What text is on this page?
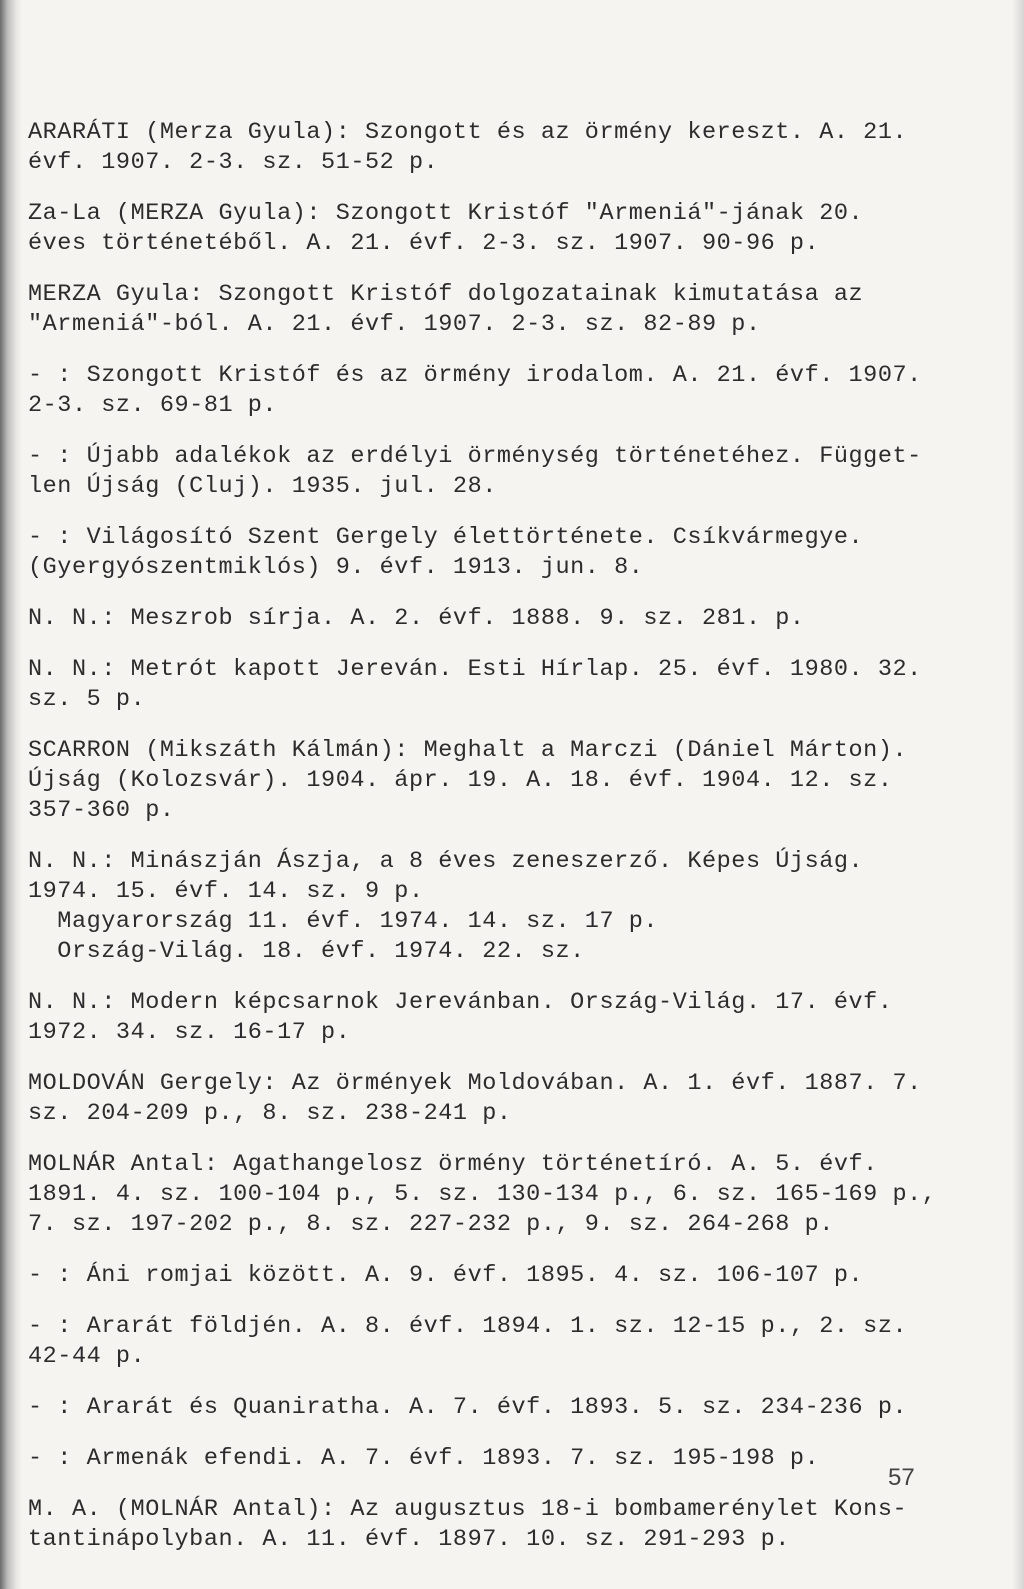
ARARÁTI (Merza Gyula): Szongott és az örmény kereszt. A. 21.
évf. 1907. 2-3. sz. 51-52 p.
Za-La (MERZA Gyula): Szongott Kristóf "Armeniá"-jának 20.
éves történetéből. A. 21. évf. 2-3. sz. 1907. 90-96 p.
MERZA Gyula: Szongott Kristóf dolgozatainak kimutatása az
"Armeniá"-ból. A. 21. évf. 1907. 2-3. sz. 82-89 p.
- : Szongott Kristóf és az örmény irodalom. A. 21. évf. 1907.
2-3. sz. 69-81 p.
- : Újabb adalékok az erdélyi örménység történetéhez. Függet-
len Újság (Cluj). 1935. jul. 28.
- : Világosító Szent Gergely élettörténete. Csíkvármegye.
(Gyergyószentmiklós) 9. évf. 1913. jun. 8.
N. N.: Meszrob sírja. A. 2. évf. 1888. 9. sz. 281. p.
N. N.: Metrót kapott Jereván. Esti Hírlap. 25. évf. 1980. 32.
sz. 5 p.
SCARRON (Mikszáth Kálmán): Meghalt a Marczi (Dániel Márton).
Újság (Kolozsvár). 1904. ápr. 19. A. 18. évf. 1904. 12. sz.
357-360 p.
N. N.: Minászján Ászja, a 8 éves zeneszerző. Képes Újság.
1974. 15. évf. 14. sz. 9 p.
Magyarország 11. évf. 1974. 14. sz. 17 p.
Ország-Világ. 18. évf. 1974. 22. sz.
N. N.: Modern képcsarnok Jerevánban. Ország-Világ. 17. évf.
1972. 34. sz. 16-17 p.
MOLDOVÁN Gergely: Az örmények Moldovában. A. 1. évf. 1887. 7.
sz. 204-209 p., 8. sz. 238-241 p.
MOLNÁR Antal: Agathangelosz örmény történetíró. A. 5. évf.
1891. 4. sz. 100-104 p., 5. sz. 130-134 p., 6. sz. 165-169 p.,
7. sz. 197-202 p., 8. sz. 227-232 p., 9. sz. 264-268 p.
- : Áni romjai között. A. 9. évf. 1895. 4. sz. 106-107 p.
- : Ararát földjén. A. 8. évf. 1894. 1. sz. 12-15 p., 2. sz.
42-44 p.
- : Ararát és Quaniratha. A. 7. évf. 1893. 5. sz. 234-236 p.
- : Armenák efendi. A. 7. évf. 1893. 7. sz. 195-198 p.
M. A. (MOLNÁR Antal): Az augusztus 18-i bombamerénylet Kons-
tantinápolyban. A. 11. évf. 1897. 10. sz. 291-293 p.
57
